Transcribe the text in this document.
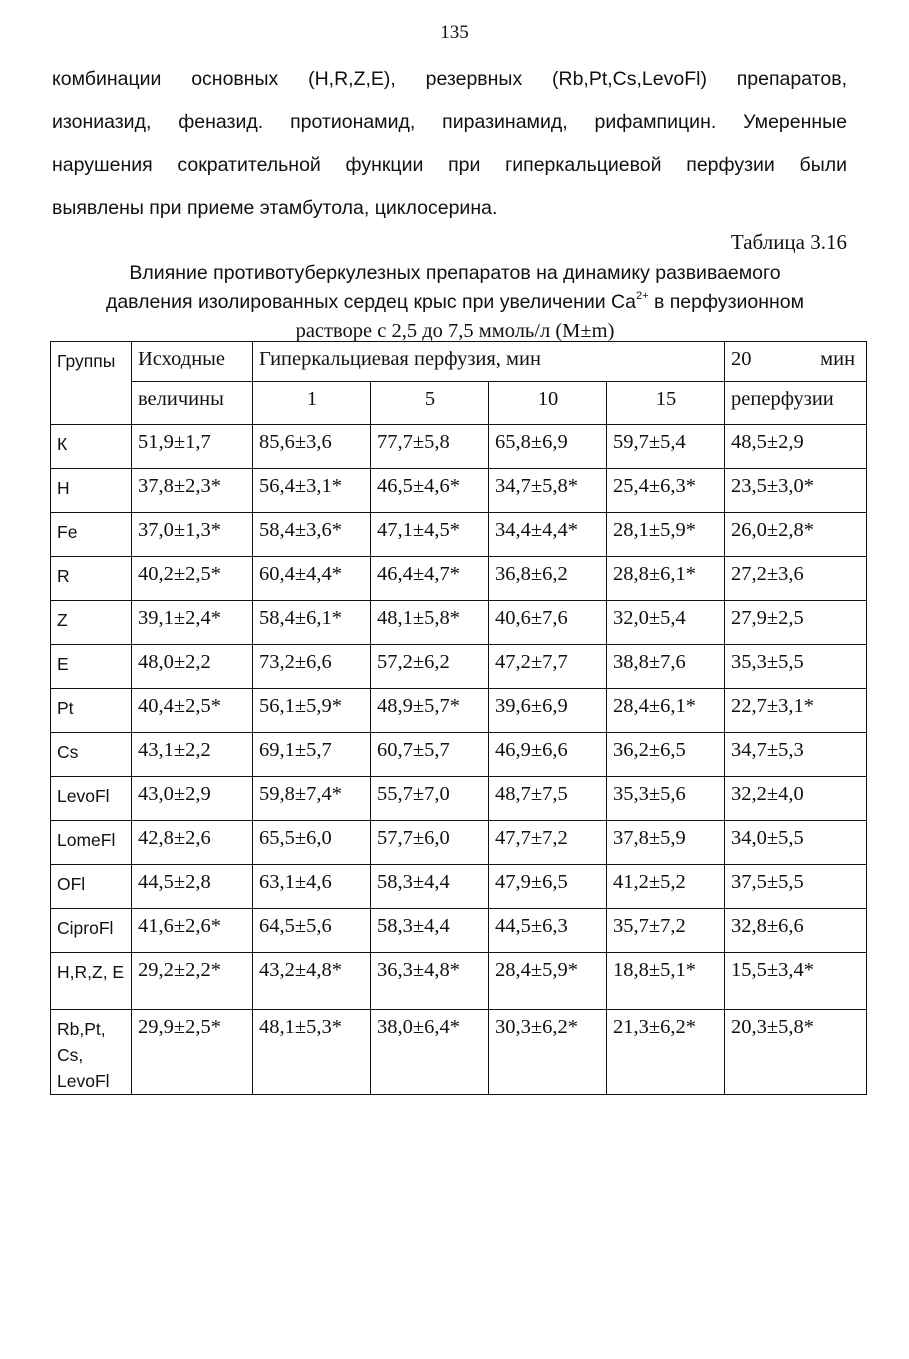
135
комбинации основных (H,R,Z,E), резервных (Rb,Pt,Cs,LevoFl) препаратов,
изониазид, феназид. протионамид, пиразинамид, рифампицин. Умеренные
нарушения сократительной функции при гиперкальциевой перфузии были
выявлены при приеме этамбутола, циклосерина.
Таблица 3.16
Влияние противотуберкулезных препаратов на динамику развиваемого
давления изолированных сердец крыс при увеличении $Ca^{2+}$ в перфузионном
растворе с 2,5 до 7,5 ммоль/л (M±m)
Группы	Исходные	Гиперкальциевая перфузия, мин				20 мин

	величины	1	5	10	15	реперфузии
К	51,9±1,7	85,6±3,6	77,7±5,8	65,8±6,9	59,7±5,4	48,5±2,9
H	37,8±2,3*	56,4±3,1*	46,5±4,6*	34,7±5,8*	25,4±6,3*	23,5±3,0*
Fe	37,0±1,3*	58,4±3,6*	47,1±4,5*	34,4±4,4*	28,1±5,9*	26,0±2,8*
R	40,2±2,5*	60,4±4,4*	46,4±4,7*	36,8±6,2	28,8±6,1*	27,2±3,6
Z	39,1±2,4*	58,4±6,1*	48,1±5,8*	40,6±7,6	32,0±5,4	27,9±2,5
E	48,0±2,2	73,2±6,6	57,2±6,2	47,2±7,7	38,8±7,6	35,3±5,5
Pt	40,4±2,5*	56,1±5,9*	48,9±5,7*	39,6±6,9	28,4±6,1*	22,7±3,1*
Cs	43,1±2,2	69,1±5,7	60,7±5,7	46,9±6,6	36,2±6,5	34,7±5,3
LevoFl	43,0±2,9	59,8±7,4*	55,7±7,0	48,7±7,5	35,3±5,6	32,2±4,0
LomeFl	42,8±2,6	65,5±6,0	57,7±6,0	47,7±7,2	37,8±5,9	34,0±5,5
OFl	44,5±2,8	63,1±4,6	58,3±4,4	47,9±6,5	41,2±5,2	37,5±5,5
CiproFl	41,6±2,6*	64,5±5,6	58,3±4,4	44,5±6,3	35,7±7,2	32,8±6,6
H,R,Z, E	29,2±2,2*	43,2±4,8*	36,3±4,8*	28,4±5,9*	18,8±5,1*	15,5±3,4*
Rb,Pt, Cs, LevoFl	29,9±2,5*	48,1±5,3*	38,0±6,4*	30,3±6,2*	21,3±6,2*	20,3±5,8*
